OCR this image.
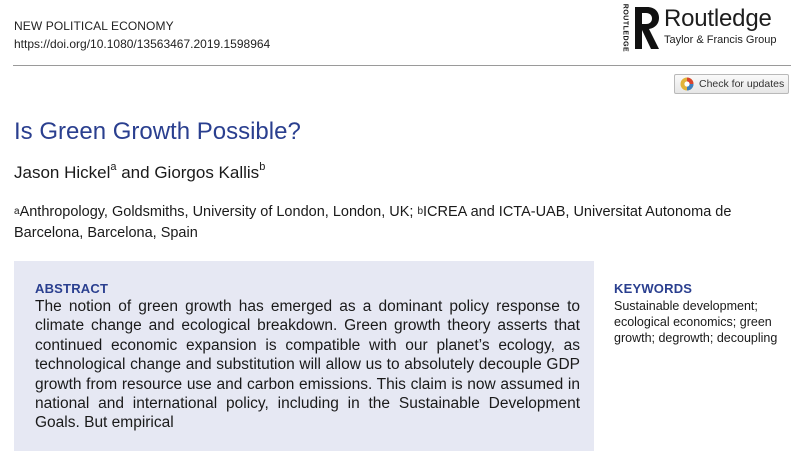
NEW POLITICAL ECONOMY
https://doi.org/10.1080/13563467.2019.1598964	ROUTLEDGE Routledge
Taylor & Francis Group
Check for updates
Is Green Growth Possible?
Jason Hickel$^a$ and Giorgos Kallis$^b$
$^a$Anthropology, Goldsmiths, University of London, London, UK; $^b$ICREA and ICTA-UAB, Universitat Autonoma de Barcelona, Barcelona, Spain
ABSTRACT

The notion of green growth has emerged as a dominant policy response to climate change and ecological breakdown. Green growth theory asserts that continued economic expansion is compatible with our planet’s ecology, as technological change and substitution will allow us to absolutely decouple GDP growth from resource use and carbon emissions. This claim is now assumed in national and international policy, including in the Sustainable Development Goals. But empirical

KEYWORDS

Sustainable development; ecological economics; green growth; degrowth; decoupling
